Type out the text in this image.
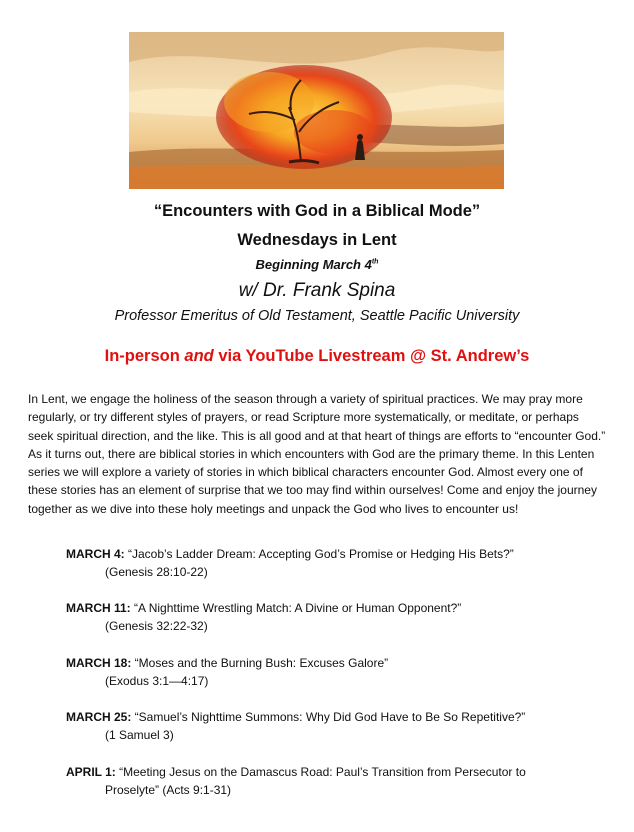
“Encounters with God in a Biblical Mode”
Wednesdays in Lent
Beginning March 4th
w/ Dr. Frank Spina
Professor Emeritus of Old Testament, Seattle Pacific University
In-person and via YouTube Livestream @ St. Andrew’s

In Lent, we engage the holiness of the season through a variety of spiritual practices. We may pray more regularly, or try different styles of prayers, or read Scripture more systematically, or meditate, or perhaps seek spiritual direction, and the like. This is all good and at that heart of things are efforts to “encounter God.” As it turns out, there are biblical stories in which encounters with God are the primary theme. In this Lenten series we will explore a variety of stories in which biblical characters encounter God. Almost every one of these stories has an element of surprise that we too may find within ourselves! Come and enjoy the journey together as we dive into these holy meetings and unpack the God who lives to encounter us!

MARCH 4: “Jacob’s Ladder Dream: Accepting God’s Promise or Hedging His Bets?”
(Genesis 28:10-22)
MARCH 11: “A Nighttime Wrestling Match: A Divine or Human Opponent?”
(Genesis 32:22-32)
MARCH 18: “Moses and the Burning Bush: Excuses Galore”
(Exodus 3:1—4:17)
MARCH 25: “Samuel’s Nighttime Summons: Why Did God Have to Be So Repetitive?”
(1 Samuel 3)
APRIL 1: “Meeting Jesus on the Damascus Road: Paul’s Transition from Persecutor to
Proselyte” (Acts 9:1-31)
